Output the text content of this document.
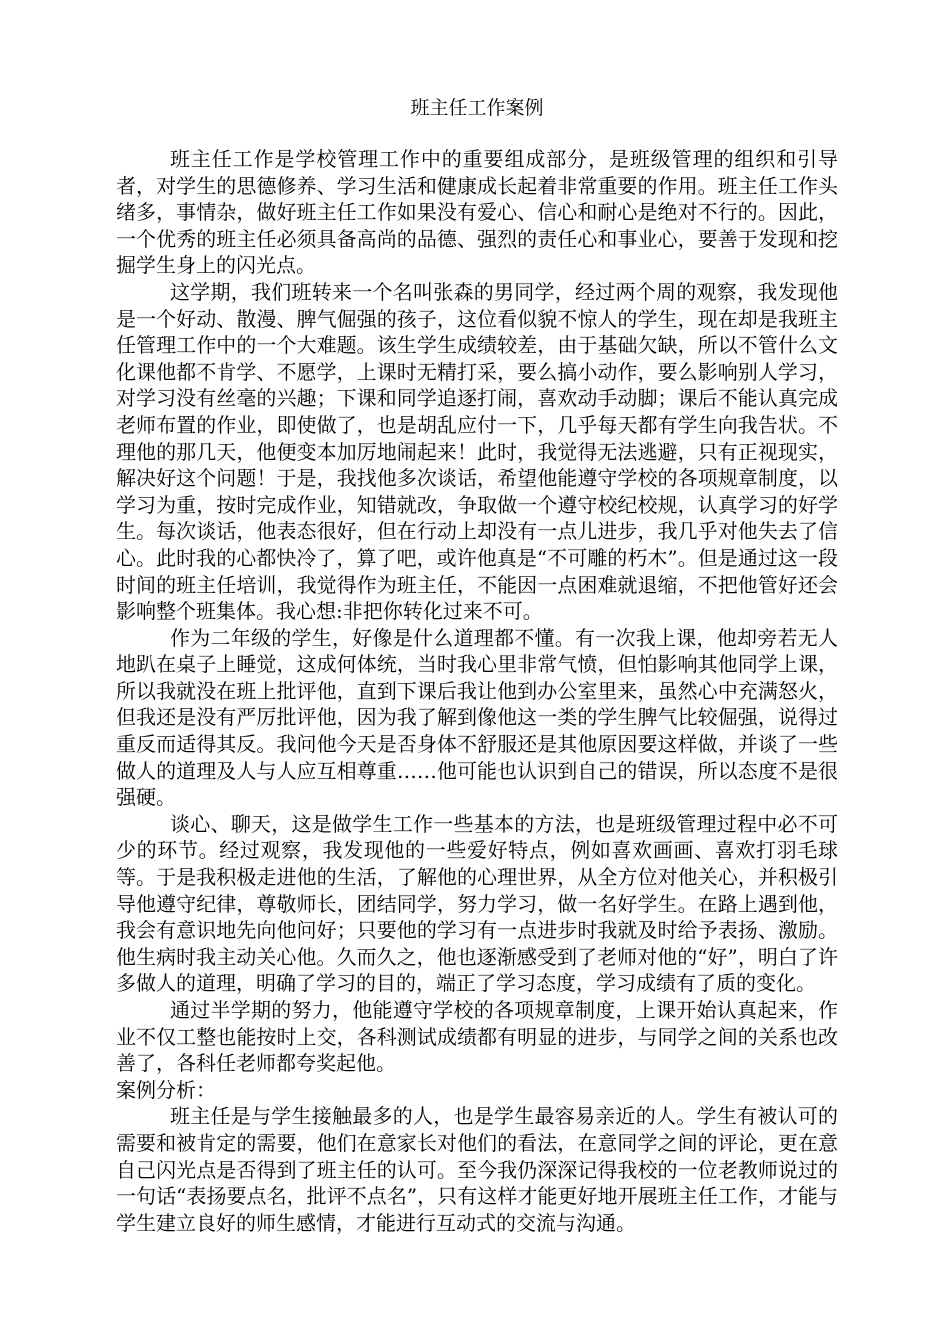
班主任工作案例

班主任工作是学校管理工作中的重要组成部分，是班级管理的组织和引导者，对学生的思德修养、学习生活和健康成长起着非常重要的作用。班主任工作头绪多，事情杂，做好班主任工作如果没有爱心、信心和耐心是绝对不行的。因此，一个优秀的班主任必须具备高尚的品德、强烈的责任心和事业心，要善于发现和挖掘学生身上的闪光点。

这学期，我们班转来一个名叫张森的男同学，经过两个周的观察，我发现他是一个好动、散漫、脾气倔强的孩子，这位看似貌不惊人的学生，现在却是我班主任管理工作中的一个大难题。该生学生成绩较差，由于基础欠缺，所以不管什么文化课他都不肯学、不愿学，上课时无精打采，要么搞小动作，要么影响别人学习，对学习没有丝毫的兴趣；下课和同学追逐打闹，喜欢动手动脚；课后不能认真完成老师布置的作业，即使做了，也是胡乱应付一下，几乎每天都有学生向我告状。不理他的那几天，他便变本加厉地闹起来！此时，我觉得无法逃避，只有正视现实，解决好这个问题！于是，我找他多次谈话，希望他能遵守学校的各项规章制度，以学习为重，按时完成作业，知错就改，争取做一个遵守校纪校规，认真学习的好学生。每次谈话，他表态很好，但在行动上却没有一点儿进步，我几乎对他失去了信心。此时我的心都快冷了，算了吧，或许他真是“不可雕的朽木”。但是通过这一段时间的班主任培训，我觉得作为班主任，不能因一点困难就退缩，不把他管好还会影响整个班集体。我心想:非把你转化过来不可。

作为二年级的学生，好像是什么道理都不懂。有一次我上课，他却旁若无人地趴在桌子上睡觉，这成何体统，当时我心里非常气愤，但怕影响其他同学上课，所以我就没在班上批评他，直到下课后我让他到办公室里来，虽然心中充满怒火，但我还是没有严厉批评他，因为我了解到像他这一类的学生脾气比较倔强，说得过重反而适得其反。我问他今天是否身体不舒服还是其他原因要这样做，并谈了一些做人的道理及人与人应互相尊重……他可能也认识到自己的错误，所以态度不是很强硬。

谈心、聊天，这是做学生工作一些基本的方法，也是班级管理过程中必不可少的环节。经过观察，我发现他的一些爱好特点，例如喜欢画画、喜欢打羽毛球等。于是我积极走进他的生活，了解他的心理世界，从全方位对他关心，并积极引导他遵守纪律，尊敬师长，团结同学，努力学习，做一名好学生。在路上遇到他，我会有意识地先向他问好；只要他的学习有一点进步时我就及时给予表扬、激励。他生病时我主动关心他。久而久之，他也逐渐感受到了老师对他的“好”，明白了许多做人的道理，明确了学习的目的，端正了学习态度，学习成绩有了质的变化。

通过半学期的努力，他能遵守学校的各项规章制度，上课开始认真起来，作业不仅工整也能按时上交，各科测试成绩都有明显的进步，与同学之间的关系也改善了，各科任老师都夸奖起他。

案例分析：

班主任是与学生接触最多的人，也是学生最容易亲近的人。学生有被认可的需要和被肯定的需要，他们在意家长对他们的看法，在意同学之间的评论，更在意自己闪光点是否得到了班主任的认可。至今我仍深深记得我校的一位老教师说过的一句话“表扬要点名，批评不点名”，只有这样才能更好地开展班主任工作，才能与学生建立良好的师生感情，才能进行互动式的交流与沟通。
